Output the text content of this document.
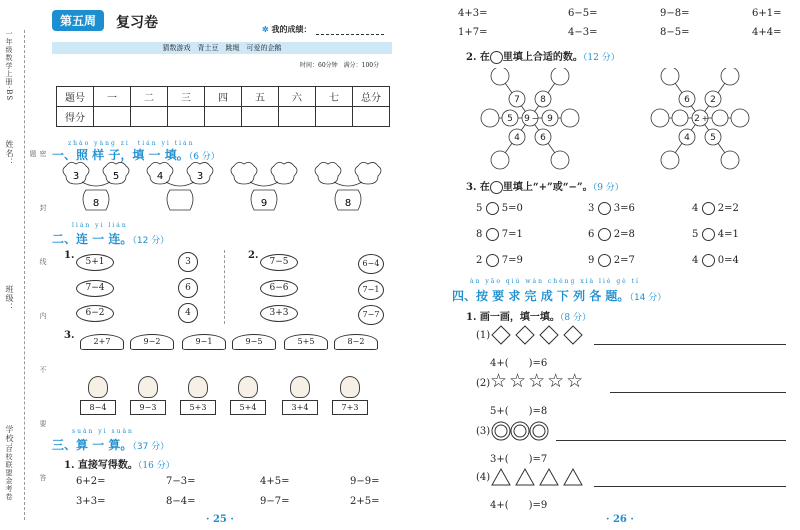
一年级数学上册·BS
姓名：
班级：
学校：
百校联盟金考卷	密　封　线　内　不　要　答　题
第五周	复习卷	✲ 我的成绩：
猜数游戏　背土豆　跳绳　可爱的企鹅
时间：60分钟　满分：100分
题号	一	二	三	四	五	六	七	总分
得分								
zhào yàng zi　tián yi tián
一、照 样 子，填 一 填。（6 分）
3	5
8
4	3
9	8
lián yi lián
二、连 一 连。（12 分）
1.
5+1
7−4
6−2
3
6
4
2.
7−5
6−6
3+3
6−4
7−1
7−7
3.
2+7	9−2	9−1	9−5	5+5	8−2
8−4	9−3	5+3	5+4	3+4	7+3
suàn yi suàn
三、算 一 算。（37 分）
1. 直接写得数。（16 分）
6+2=	7−3=	4+5=	9−9=
3+3=	8−4=	9−7=	2+5=
· 25 ·
4+3=	6−5=	9−8=	6+1=
1+7=	4−3=	8−5=	4+4=
2. 在 里填上合适的数。（12 分）
7 8
5	9
4 6
9 −
6 2
4 5
2 +
3. 在 里填上“+”或“−”。（9 分）
5 5=0	3 3=6	4 2=2
8 7=1	6 2=8	5 4=1
2 7=9	9 2=7	4 0=4
àn yāo qiú wán chéng xià liè gè tí
四、按 要 求 完 成 下 列 各 题。（14 分）
1. 画一画，填一填。（8 分）
(1)
4+(　　)=6
(2) ☆☆☆☆☆
5+(　　)=8
(3)
3+(　　)=7
(4)
4+(　　)=9
· 26 ·
